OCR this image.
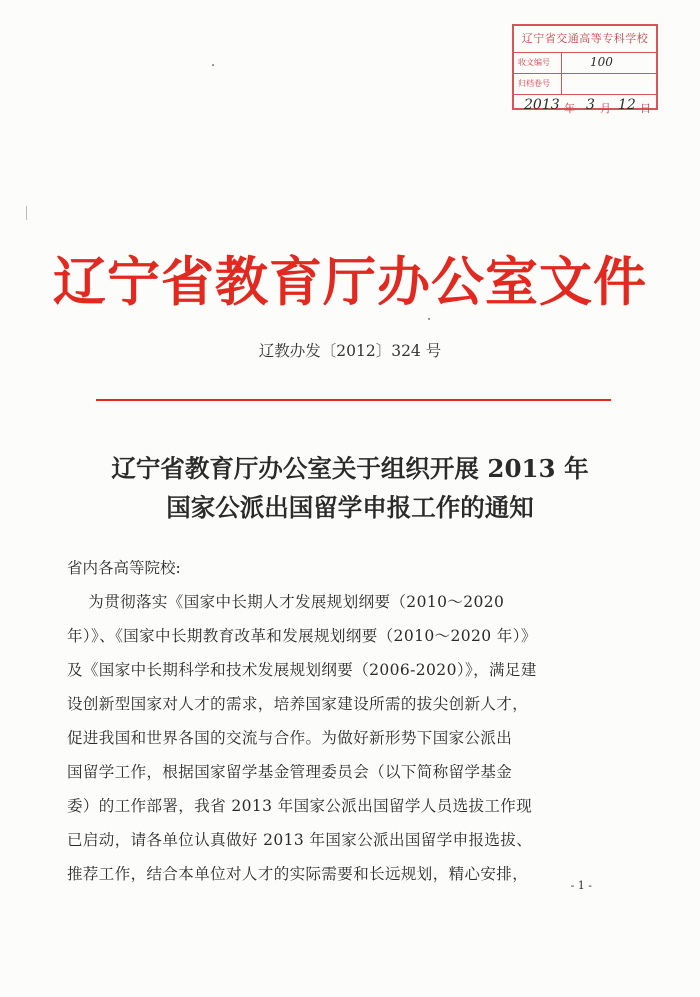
辽宁省交通高等专科学校
收文编号	100
归档卷号
2013 年 3 月 12 日
辽宁省教育厅办公室文件
辽教办发〔2012〕324 号
辽宁省教育厅办公室关于组织开展 2013 年
国家公派出国留学申报工作的通知
省内各高等院校:
为贯彻落实《国家中长期人才发展规划纲要（2010～2020
年）》、《国家中长期教育改革和发展规划纲要（2010～2020 年）》
及《国家中长期科学和技术发展规划纲要（2006-2020）》，满足建
设创新型国家对人才的需求，培养国家建设所需的拔尖创新人才，
促进我国和世界各国的交流与合作。为做好新形势下国家公派出
国留学工作，根据国家留学基金管理委员会（以下简称留学基金
委）的工作部署，我省 2013 年国家公派出国留学人员选拔工作现
已启动，请各单位认真做好 2013 年国家公派出国留学申报选拔、
推荐工作，结合本单位对人才的实际需要和长远规划，精心安排，
- 1 -
